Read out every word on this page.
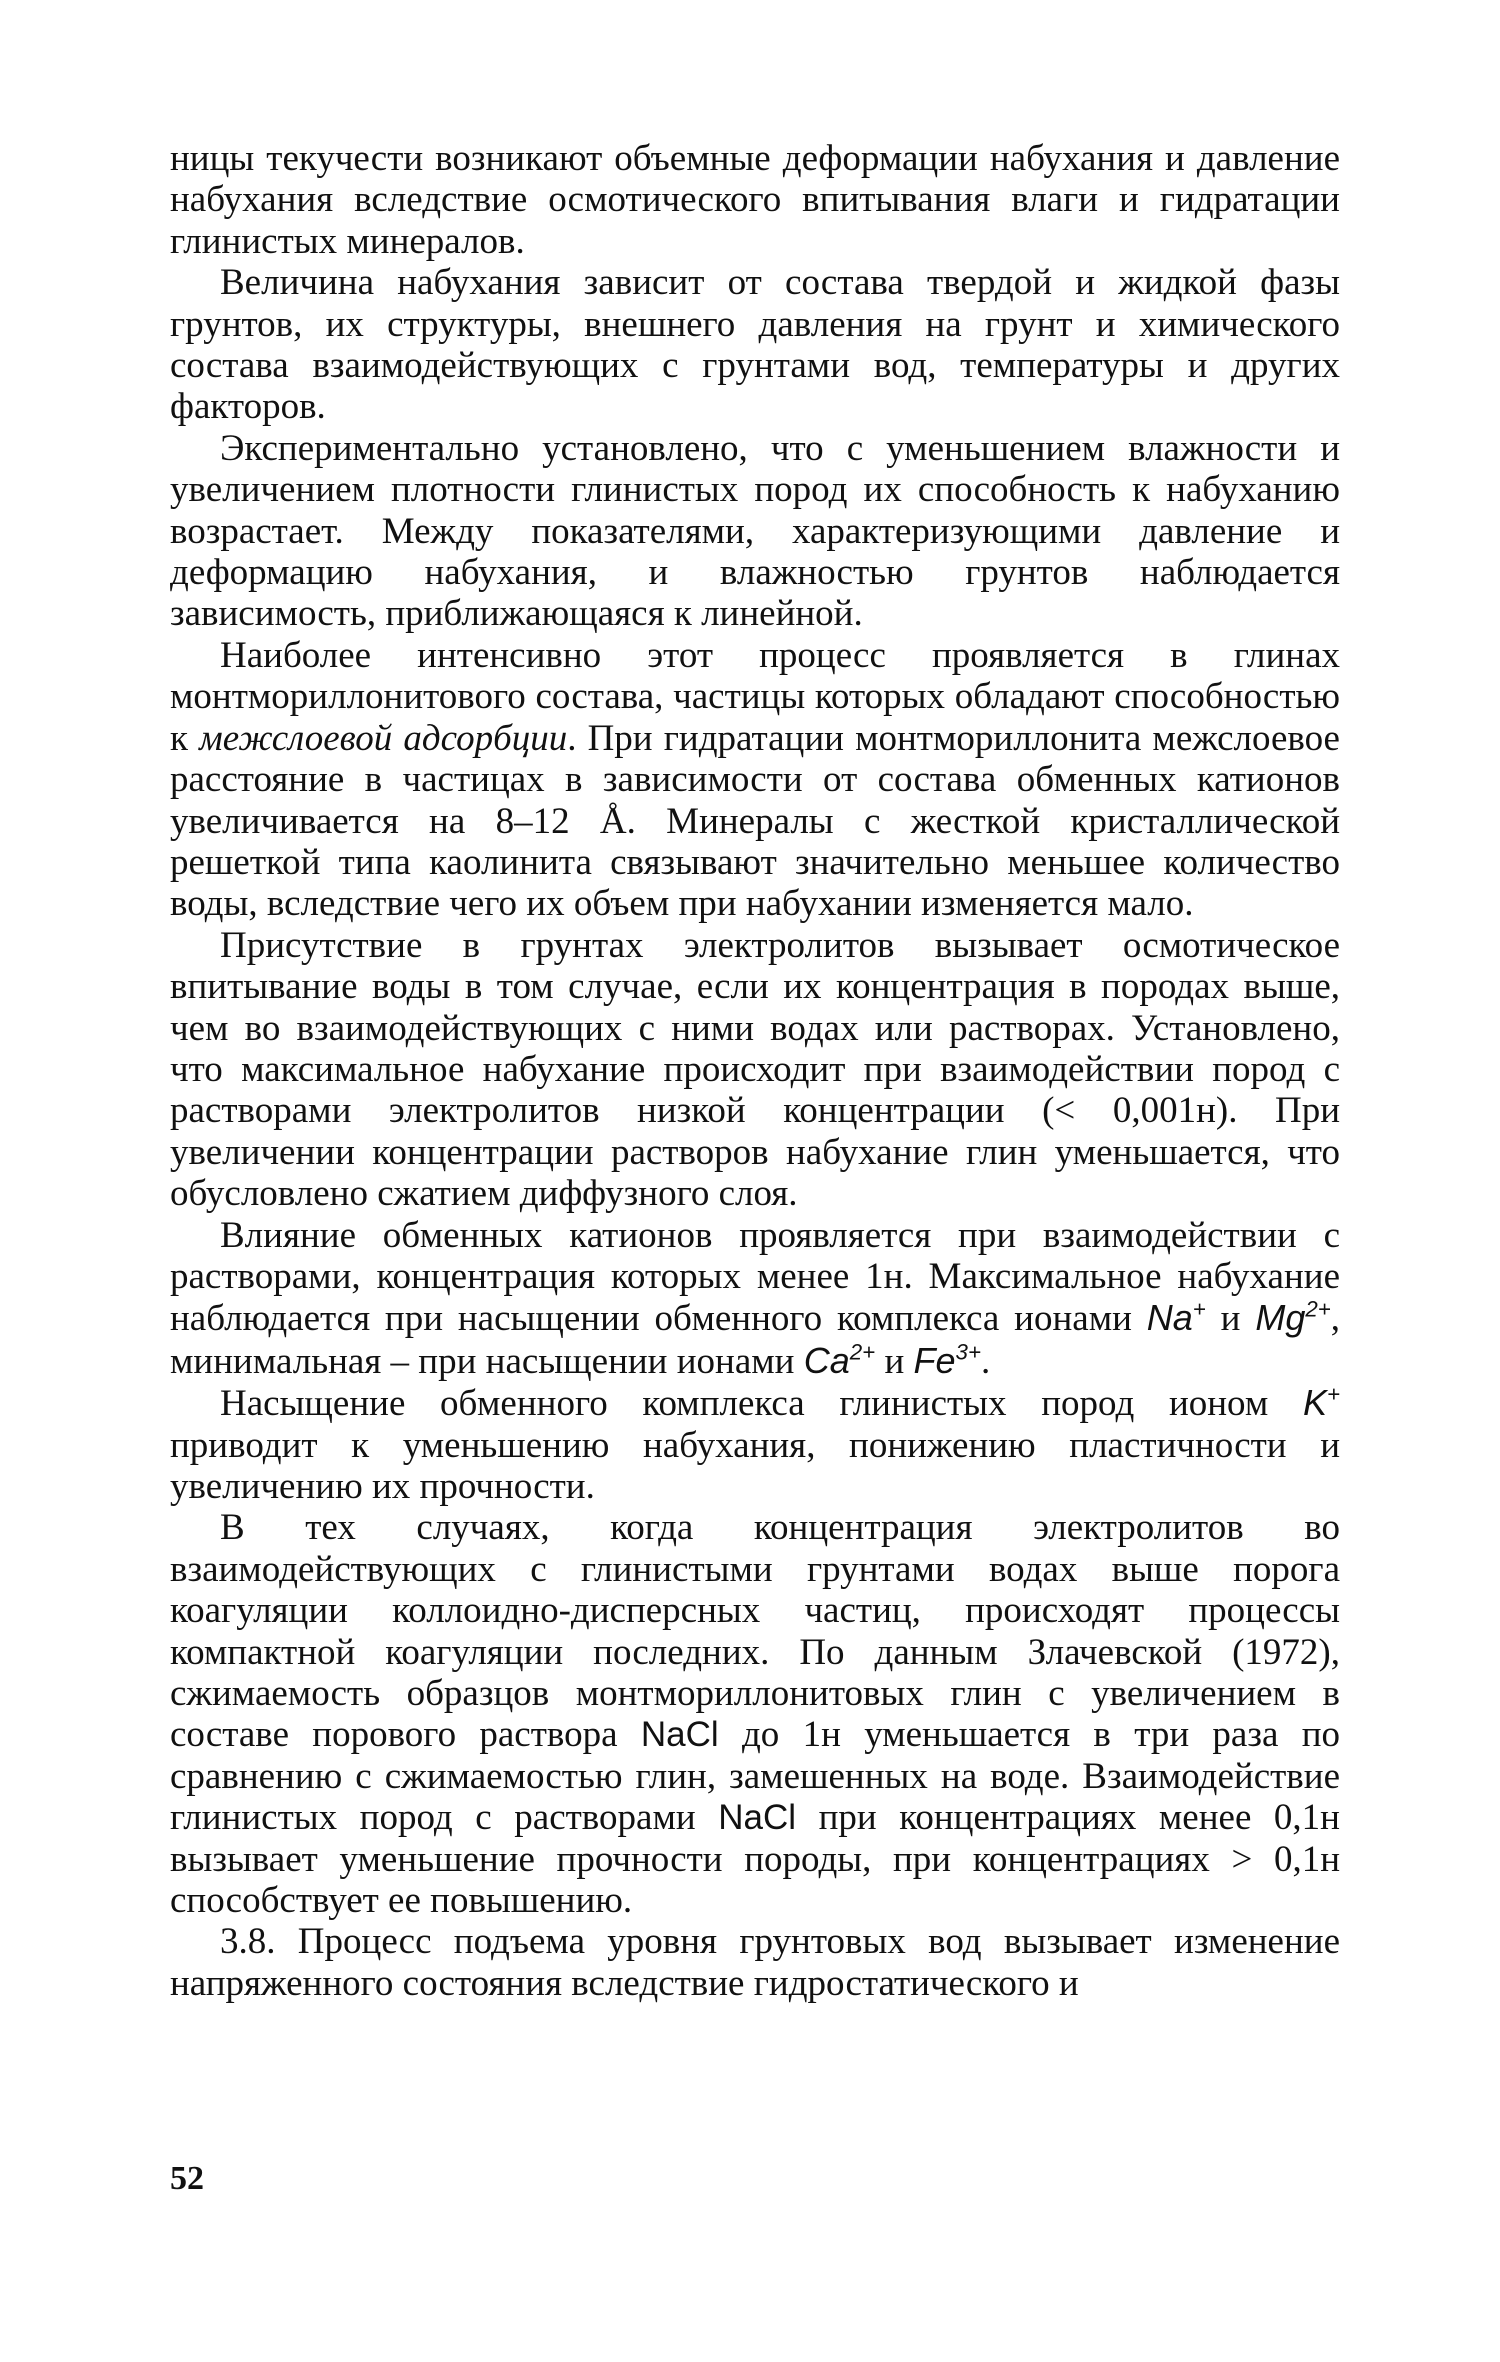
ницы текучести возникают объемные деформации набухания и давление набухания вследствие осмотического впитывания влаги и гидратации глинистых минералов.

Величина набухания зависит от состава твердой и жидкой фазы грунтов, их структуры, внешнего давления на грунт и химического состава взаимодействующих с грунтами вод, температуры и других факторов.

Экспериментально установлено, что с уменьшением влажности и увеличением плотности глинистых пород их способность к набуханию возрастает. Между показателями, характеризующими давление и деформацию набухания, и влажностью грунтов наблюдается зависимость, приближающаяся к линейной.

Наиболее интенсивно этот процесс проявляется в глинах монтмориллонитового состава, частицы которых обладают способностью к межслоевой адсорбции. При гидратации монтмориллонита межслоевое расстояние в частицах в зависимости от состава обменных катионов увеличивается на 8–12 Å. Минералы с жесткой кристаллической решеткой типа каолинита связывают значительно меньшее количество воды, вследствие чего их объем при набухании изменяется мало.

Присутствие в грунтах электролитов вызывает осмотическое впитывание воды в том случае, если их концентрация в породах выше, чем во взаимодействующих с ними водах или растворах. Установлено, что максимальное набухание происходит при взаимодействии пород с растворами электролитов низкой концентрации (< 0,001н). При увеличении концентрации растворов набухание глин уменьшается, что обусловлено сжатием диффузного слоя.

Влияние обменных катионов проявляется при взаимодействии с растворами, концентрация которых менее 1н. Максимальное набухание наблюдается при насыщении обменного комплекса ионами Na+ и $Mg^{2+}$, минимальная – при насыщении ионами $Ca^{2+}$ и $Fe^{3+}$.

Насыщение обменного комплекса глинистых пород ионом K+ приводит к уменьшению набухания, понижению пластичности и увеличению их прочности.

В тех случаях, когда концентрация электролитов во взаимодействующих с глинистыми грунтами водах выше порога коагуляции коллоидно-дисперсных частиц, происходят процессы компактной коагуляции последних. По данным Злачевской (1972), сжимаемость образцов монтмориллонитовых глин с увеличением в составе порового раствора NaCl до 1н уменьшается в три раза по сравнению с сжимаемостью глин, замешенных на воде. Взаимодействие глинистых пород с растворами NaCl при концентрациях менее 0,1н вызывает уменьшение прочности породы, при концентрациях > 0,1н способствует ее повышению.

3.8. Процесс подъема уровня грунтовых вод вызывает изменение напряженного состояния вследствие гидростатического и

52
